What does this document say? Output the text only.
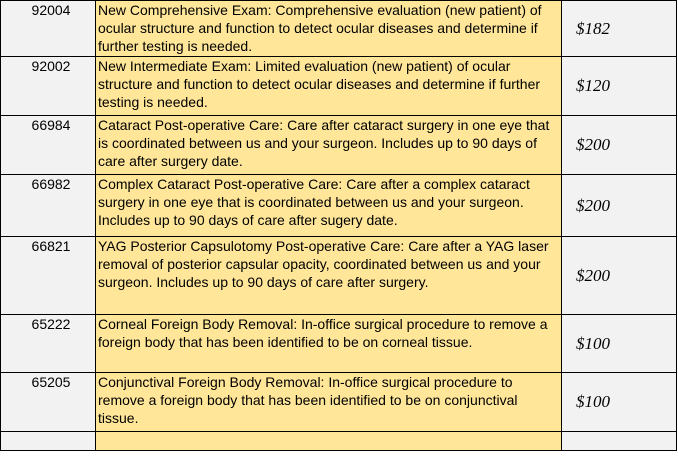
92004	New Comprehensive Exam: Comprehensive evaluation (new patient) of ocular structure and function to detect ocular diseases and determine if further testing is needed.	$182
92002	New Intermediate Exam: Limited evaluation (new patient) of ocular structure and function to detect ocular diseases and determine if further testing is needed.	$120
66984	Cataract Post-operative Care: Care after cataract surgery in one eye that is coordinated between us and your surgeon. Includes up to 90 days of care after surgery date.	$200
66982	Complex Cataract Post-operative Care: Care after a complex cataract surgery in one eye that is coordinated between us and your surgeon. Includes up to 90 days of care after sugery date.	$200
66821	YAG Posterior Capsulotomy Post-operative Care: Care after a YAG laser removal of posterior capsular opacity, coordinated between us and your surgeon. Includes up to 90 days of care after surgery.	$200
65222	Corneal Foreign Body Removal: In-office surgical procedure to remove a foreign body that has been identified to be on corneal tissue.	$100
65205	Conjunctival Foreign Body Removal: In-office surgical procedure to remove a foreign body that has been identified to be on conjunctival tissue.	$100
